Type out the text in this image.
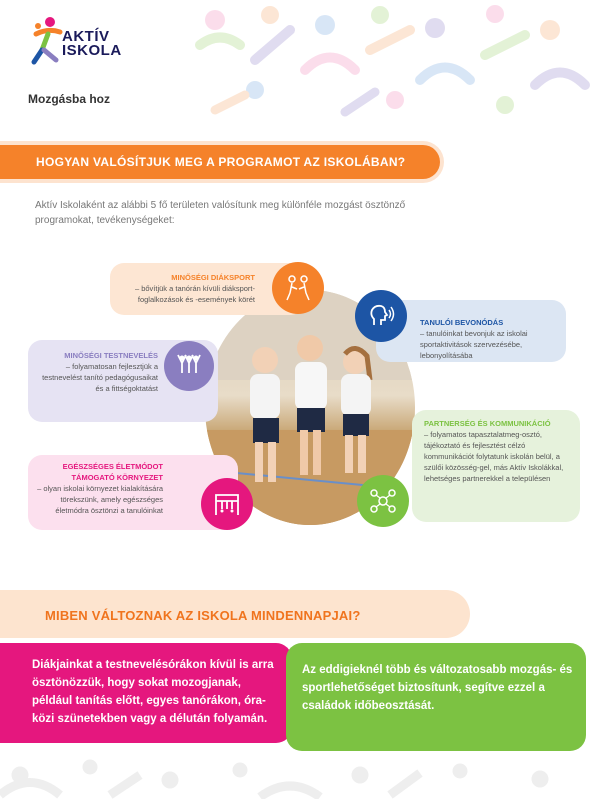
AKTÍV
ISKOLA
Mozgásba hoz
HOGYAN VALÓSÍTJUK MEG A PROGRAMOT AZ ISKOLÁBAN?
Aktív Iskolaként az alábbi 5 fő területen valósítunk meg különféle mozgást ösztönző programokat, tevékenységeket:
MINŐSÉGI DIÁKSPORT
– bővítjük a tanórán kívüli diáksport-foglalkozások és -események körét
MINŐSÉGI TESTNEVELÉS
– folyamatosan fejlesztjük a testnevelést tanító pedagógusaikat és a fittségoktatást
EGÉSZSÉGES ÉLETMÓDOT TÁMOGATÓ KÖRNYEZET
– olyan iskolai környezet kialakítására törekszünk, amely egészséges életmódra ösztönzi a tanulóinkat
TANULÓI BEVONÓDÁS
– tanulóinkat bevonjuk az iskolai sportaktivitások szervezésébe, lebonyolításába
PARTNERSÉG ÉS KOMMUNIKÁCIÓ
– folyamatos tapasztalatmeg-osztó, tájékoztató és fejlesztést célzó kommunikációt folytatunk iskolán belül, a szülői közösség-gel, más Aktív Iskolákkal, lehetséges partnerekkel a településen
MIBEN VÁLTOZNAK AZ ISKOLA MINDENNAPJAI?
Diákjainkat a testnevelésórákon kívül is arra ösztönözzük, hogy sokat mozogjanak, például tanítás előtt, egyes tanórákon, óra-közi szünetekben vagy a délután folyamán.
Az eddigieknél több és változatosabb mozgás- és sportlehetőséget biztosítunk, segítve ezzel a családok időbeosztását.
